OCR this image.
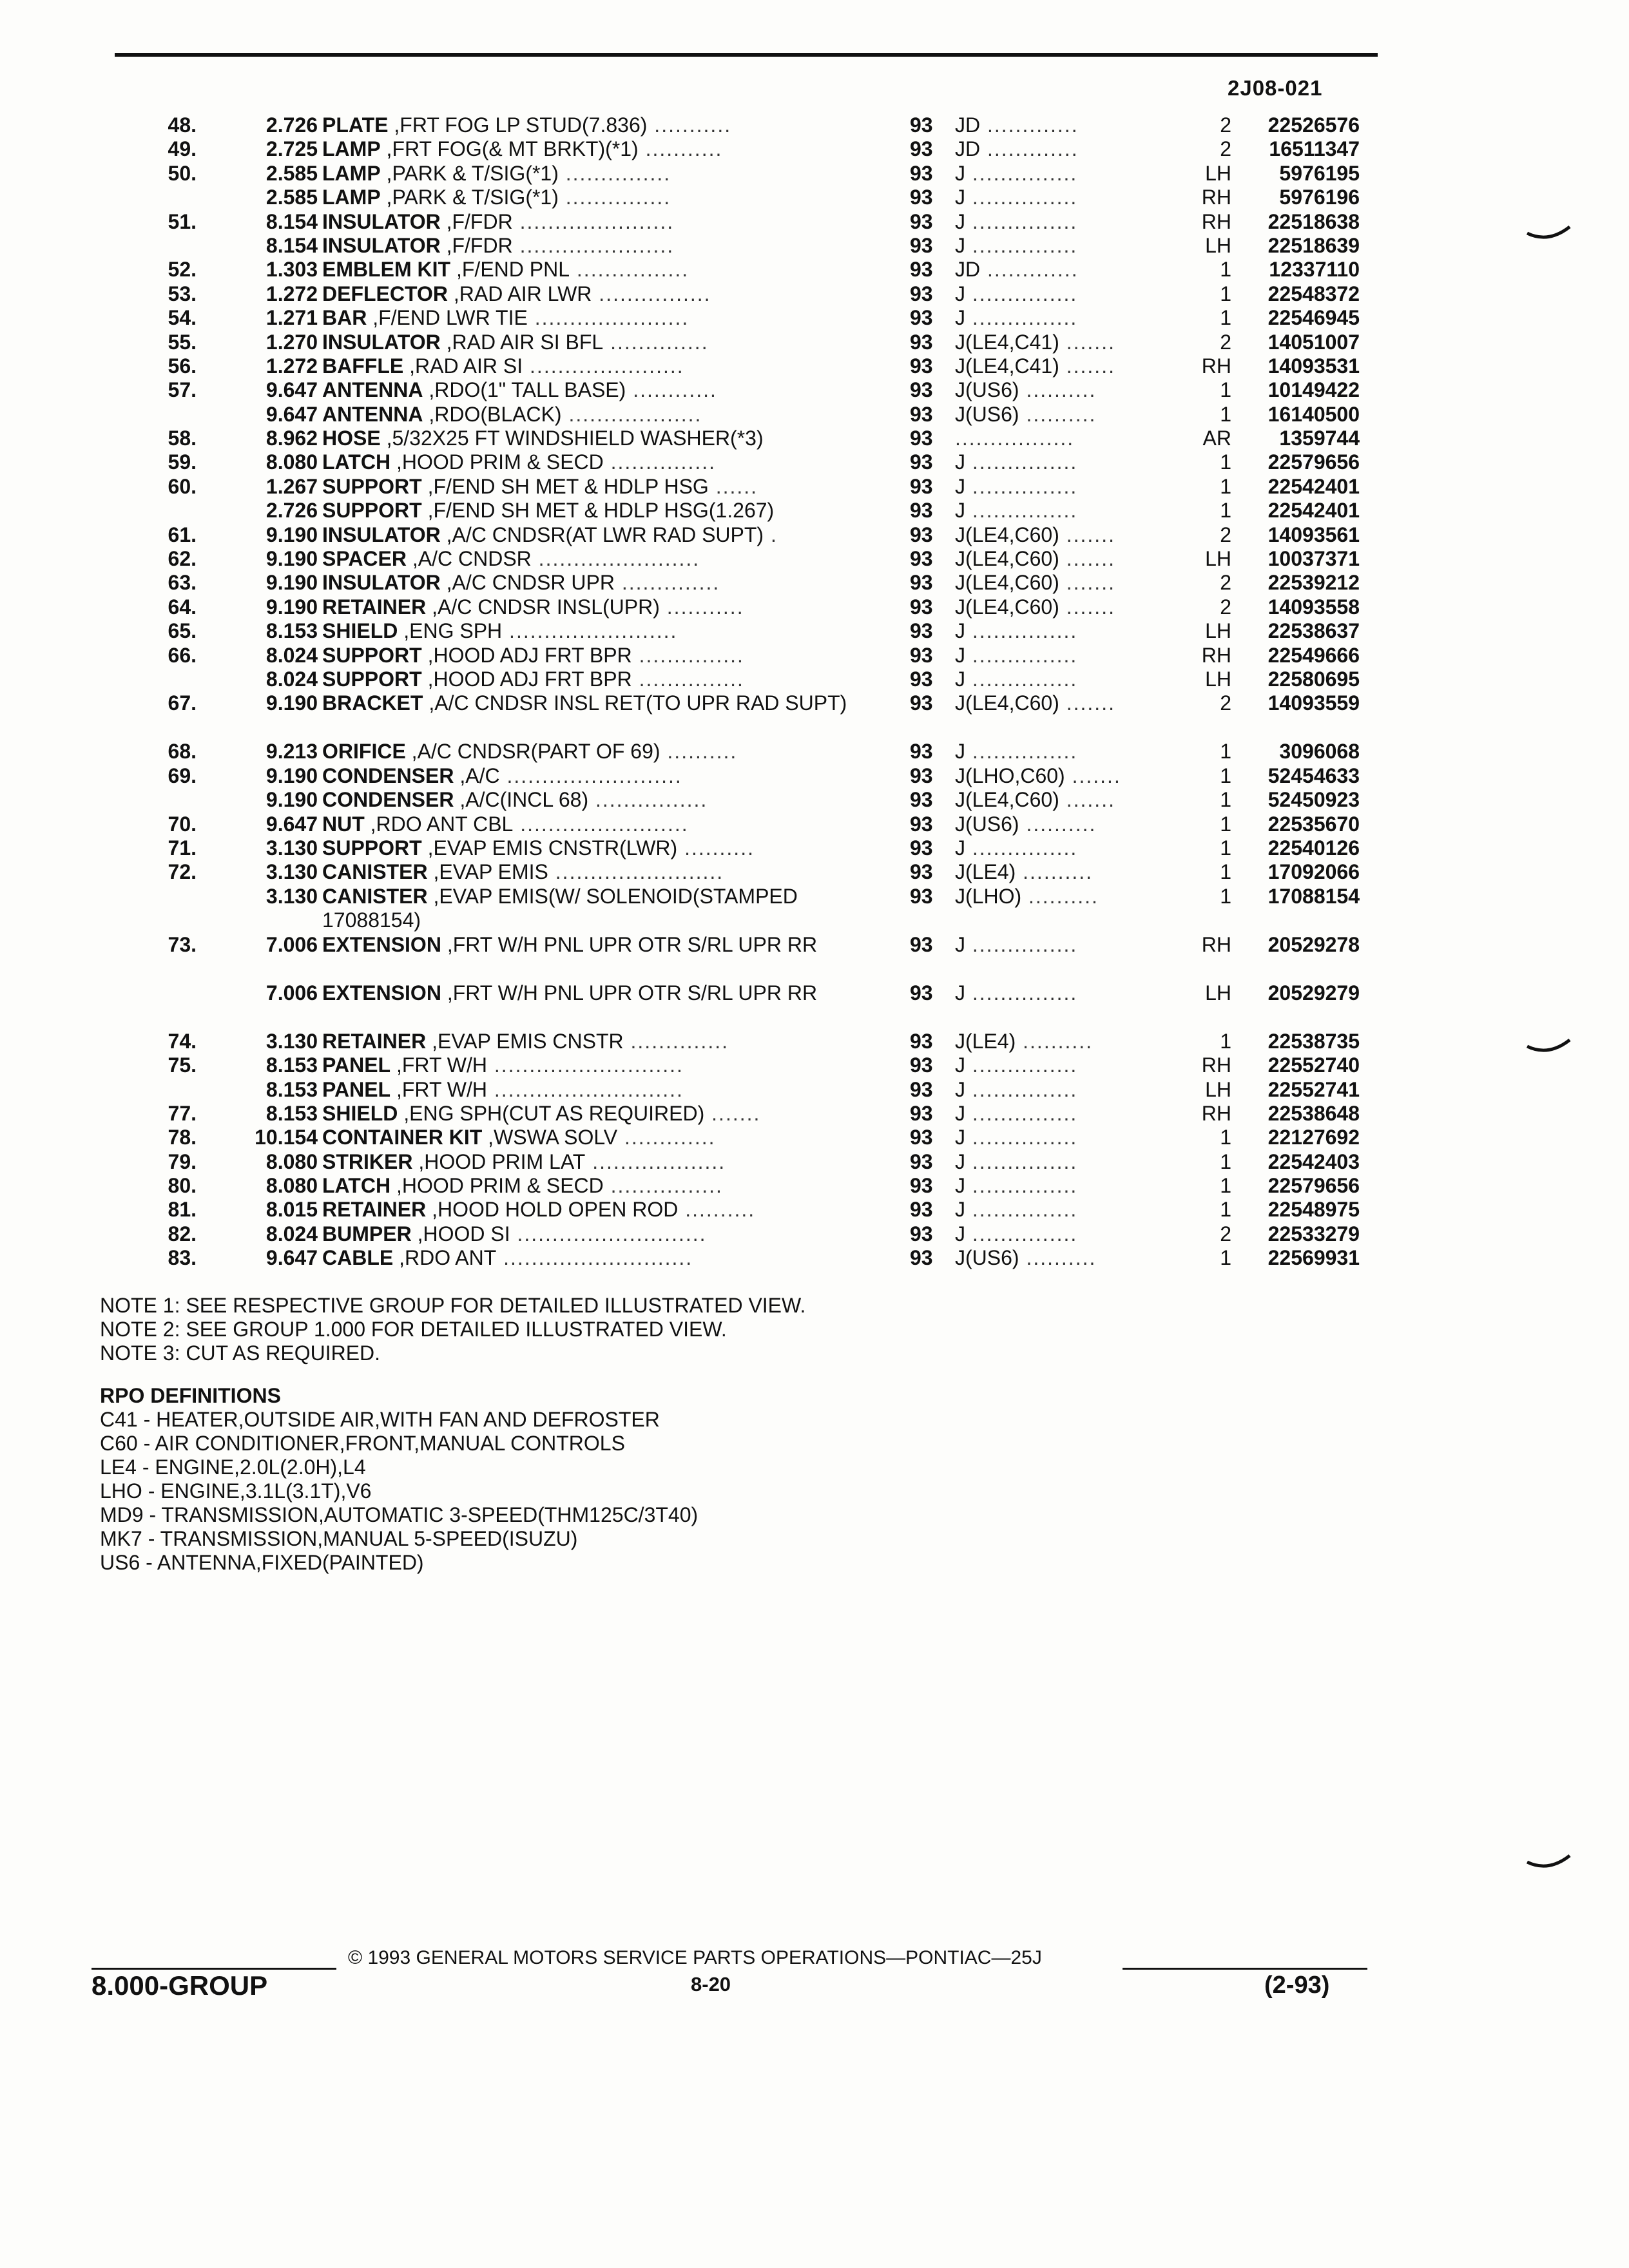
2J08-021
48.	2.726 PLATE ,FRT FOG LP STUD(7.836) ...........	93 JD .............	2 22526576
49.	2.725 LAMP ,FRT FOG(& MT BRKT)(*1) ...........	93 JD .............	2 16511347
50.	2.585 LAMP ,PARK & T/SIG(*1) ...............	93 J ...............	LH 5976195
2.585 LAMP ,PARK & T/SIG(*1) ...............	93 J ...............	RH 5976196
51.	8.154 INSULATOR ,F/FDR ......................	93 J ...............	RH 22518638
8.154 INSULATOR ,F/FDR ......................	93 J ...............	LH 22518639
52.	1.303 EMBLEM KIT ,F/END PNL ................	93 JD .............	1 12337110
53.	1.272 DEFLECTOR ,RAD AIR LWR ................	93 J ...............	1 22548372
54.	1.271 BAR ,F/END LWR TIE ......................	93 J ...............	1 22546945
55.	1.270 INSULATOR ,RAD AIR SI BFL ..............	93 J(LE4,C41) .......	2 14051007
56.	1.272 BAFFLE ,RAD AIR SI ......................	93 J(LE4,C41) .......	RH 14093531
57.	9.647 ANTENNA ,RDO(1" TALL BASE) ............	93 J(US6) ..........	1 10149422
9.647 ANTENNA ,RDO(BLACK) ...................	93 J(US6) ..........	1 16140500
58.	8.962 HOSE ,5/32X25 FT WINDSHIELD WASHER(*3)	93 .................	AR 1359744
59.	8.080 LATCH ,HOOD PRIM & SECD ...............	93 J ...............	1 22579656
60.	1.267 SUPPORT ,F/END SH MET & HDLP HSG ......	93 J ...............	1 22542401
2.726 SUPPORT ,F/END SH MET & HDLP HSG(1.267)	93 J ...............	1 22542401
61.	9.190 INSULATOR ,A/C CNDSR(AT LWR RAD SUPT) .	93 J(LE4,C60) .......	2 14093561
62.	9.190 SPACER ,A/C CNDSR .......................	93 J(LE4,C60) .......	LH 10037371
63.	9.190 INSULATOR ,A/C CNDSR UPR ..............	93 J(LE4,C60) .......	2 22539212
64.	9.190 RETAINER ,A/C CNDSR INSL(UPR) ...........	93 J(LE4,C60) .......	2 14093558
65.	8.153 SHIELD ,ENG SPH ........................	93 J ...............	LH 22538637
66.	8.024 SUPPORT ,HOOD ADJ FRT BPR ...............	93 J ...............	RH 22549666
8.024 SUPPORT ,HOOD ADJ FRT BPR ...............	93 J ...............	LH 22580695
67.	9.190 BRACKET ,A/C CNDSR INSL RET(TO UPR RAD SUPT)	93 J(LE4,C60) .......	2 14093559
68.	9.213 ORIFICE ,A/C CNDSR(PART OF 69) ..........	93 J ...............	1 3096068
69.	9.190 CONDENSER ,A/C .........................	93 J(LHO,C60) .......	1 52454633
9.190 CONDENSER ,A/C(INCL 68) ................	93 J(LE4,C60) .......	1 52450923
70.	9.647 NUT ,RDO ANT CBL ........................	93 J(US6) ..........	1 22535670
71.	3.130 SUPPORT ,EVAP EMIS CNSTR(LWR) ..........	93 J ...............	1 22540126
72.	3.130 CANISTER ,EVAP EMIS ........................	93 J(LE4) ..........	1 17092066
3.130 CANISTER ,EVAP EMIS(W/ SOLENOID(STAMPED 17088154)
93 J(LHO) ..........	1 17088154
73.	7.006 EXTENSION ,FRT W/H PNL UPR OTR S/RL UPR RR	93 J ...............	RH 20529278
7.006 EXTENSION ,FRT W/H PNL UPR OTR S/RL UPR RR	93 J ...............	LH 20529279
74.	3.130 RETAINER ,EVAP EMIS CNSTR ..............	93 J(LE4) ..........	1 22538735
75.	8.153 PANEL ,FRT W/H ...........................	93 J ...............	RH 22552740
8.153 PANEL ,FRT W/H ...........................	93 J ...............	LH 22552741
77.	8.153 SHIELD ,ENG SPH(CUT AS REQUIRED) .......	93 J ...............	RH 22538648
78.	10.154 CONTAINER KIT ,WSWA SOLV .............	93 J ...............	1 22127692
79.	8.080 STRIKER ,HOOD PRIM LAT ...................	93 J ...............	1 22542403
80.	8.080 LATCH ,HOOD PRIM & SECD ................	93 J ...............	1 22579656
81.	8.015 RETAINER ,HOOD HOLD OPEN ROD ..........	93 J ...............	1 22548975
82.	8.024 BUMPER ,HOOD SI ...........................	93 J ...............	2 22533279
83.	9.647 CABLE ,RDO ANT ...........................	93 J(US6) ..........	1 22569931
NOTE 1: SEE RESPECTIVE GROUP FOR DETAILED ILLUSTRATED VIEW.
NOTE 2: SEE GROUP 1.000 FOR DETAILED ILLUSTRATED VIEW.
NOTE 3: CUT AS REQUIRED.
RPO DEFINITIONS
C41 - HEATER,OUTSIDE AIR,WITH FAN AND DEFROSTER
C60 - AIR CONDITIONER,FRONT,MANUAL CONTROLS
LE4 - ENGINE,2.0L(2.0H),L4
LHO - ENGINE,3.1L(3.1T),V6
MD9 - TRANSMISSION,AUTOMATIC 3-SPEED(THM125C/3T40)
MK7 - TRANSMISSION,MANUAL 5-SPEED(ISUZU)
US6 - ANTENNA,FIXED(PAINTED)
© 1993 GENERAL MOTORS SERVICE PARTS OPERATIONS—PONTIAC—25J
8.000-GROUP	8-20	(2-93)
